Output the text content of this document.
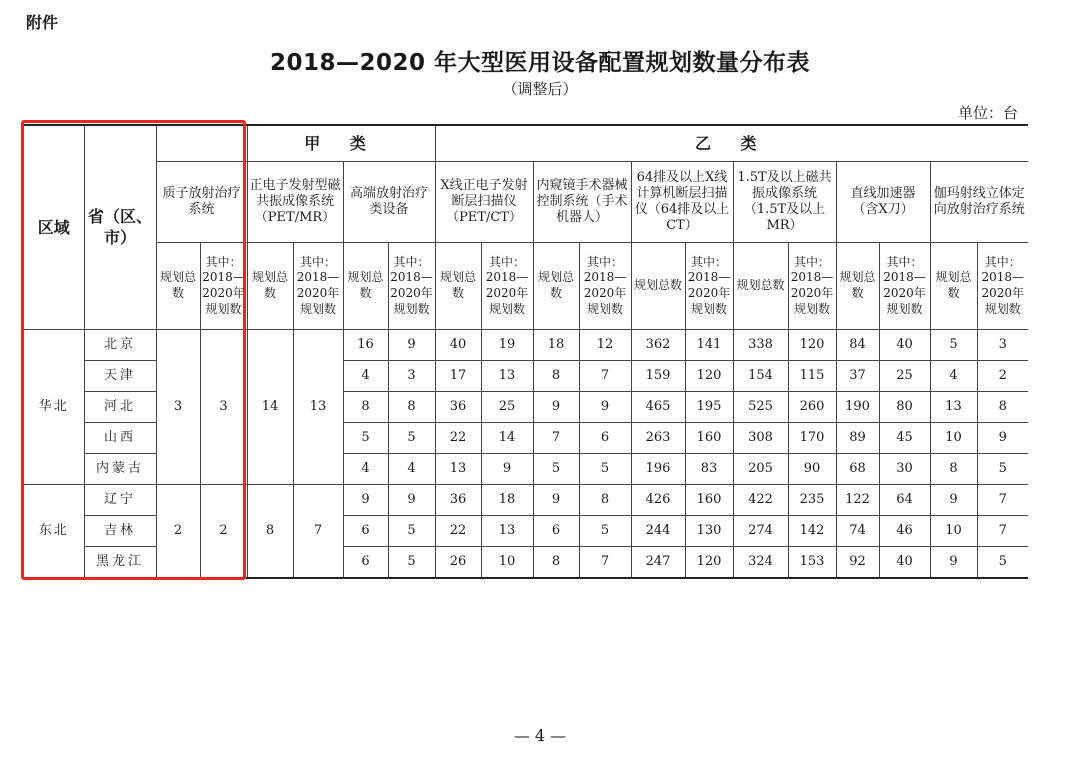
附件
2018—2020 年大型医用设备配置规划数量分布表
（调整后）
单位：台
区域	省（区、市）			甲 类				乙 类											
		质子放射治疗系统		正电子发射型磁共振成像系统（PET/MR）		高端放射治疗类设备		X线正电子发射断层扫描仪（PET/CT）		内窥镜手术器械控制系统（手术机器人）		64排及以上X线计算机断层扫描仪（64排及以上CT）		1.5T及以上磁共振成像系统（1.5T及以上 MR）		直线加速器（含X刀）		伽玛射线立体定向放射治疗系统	
		规划总数	其中：2018—2020年规划数	规划总数	其中：2018—2020年规划数	规划总数	其中：2018—2020年规划数	规划总数	其中：2018—2020年规划数	规划总数	其中：2018—2020年规划数	规划总数	其中：2018—2020年规划数	规划总数	其中：2018—2020年规划数	规划总数	其中：2018—2020年规划数	规划总数	其中：2018—2020年规划数
华北	北京	3	3	14	13	16	9	40	19	18	12	362	141	338	120	84	40	5	3
	天津					4	3	17	13	8	7	159	120	154	115	37	25	4	2
	河北					8	8	36	25	9	9	465	195	525	260	190	80	13	8
	山西					5	5	22	14	7	6	263	160	308	170	89	45	10	9
	内蒙古					4	4	13	9	5	5	196	83	205	90	68	30	8	5
东北	辽宁	2	2	8	7	9	9	36	18	9	8	426	160	422	235	122	64	9	7
	吉林					6	5	22	13	6	5	244	130	274	142	74	46	10	7
	黑龙江					6	5	26	10	8	7	247	120	324	153	92	40	9	5
— 4 —
